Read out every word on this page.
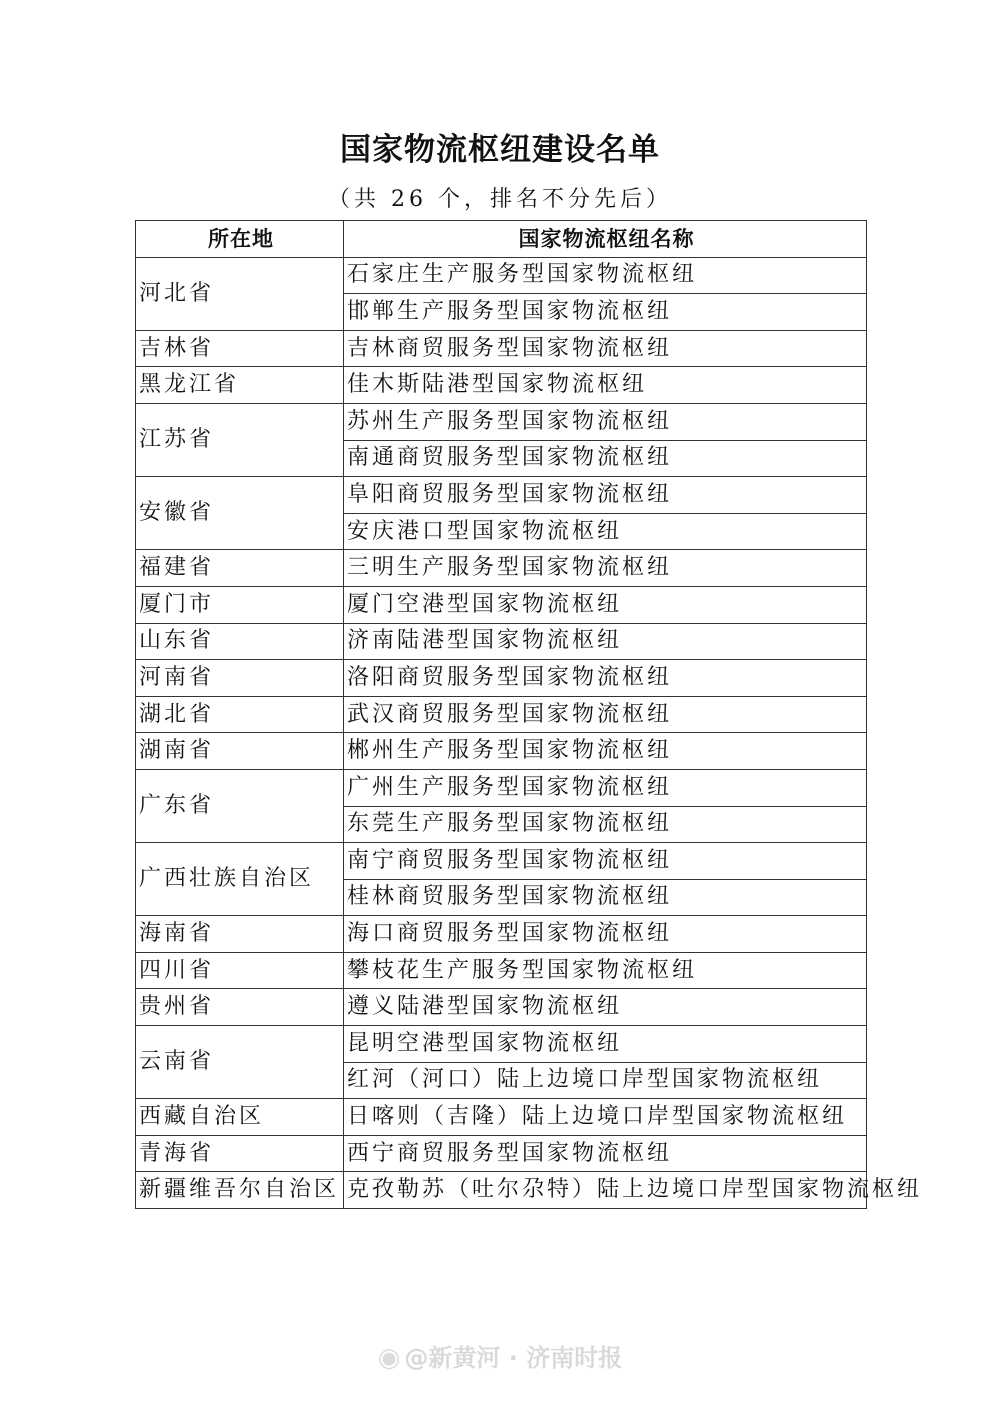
国家物流枢纽建设名单
（共 26 个，排名不分先后）
所在地	国家物流枢纽名称
河北省	石家庄生产服务型国家物流枢纽
	邯郸生产服务型国家物流枢纽
吉林省	吉林商贸服务型国家物流枢纽
黑龙江省	佳木斯陆港型国家物流枢纽
江苏省	苏州生产服务型国家物流枢纽
	南通商贸服务型国家物流枢纽
安徽省	阜阳商贸服务型国家物流枢纽
	安庆港口型国家物流枢纽
福建省	三明生产服务型国家物流枢纽
厦门市	厦门空港型国家物流枢纽
山东省	济南陆港型国家物流枢纽
河南省	洛阳商贸服务型国家物流枢纽
湖北省	武汉商贸服务型国家物流枢纽
湖南省	郴州生产服务型国家物流枢纽
广东省	广州生产服务型国家物流枢纽
	东莞生产服务型国家物流枢纽
广西壮族自治区	南宁商贸服务型国家物流枢纽
	桂林商贸服务型国家物流枢纽
海南省	海口商贸服务型国家物流枢纽
四川省	攀枝花生产服务型国家物流枢纽
贵州省	遵义陆港型国家物流枢纽
云南省	昆明空港型国家物流枢纽
	红河（河口）陆上边境口岸型国家物流枢纽
西藏自治区	日喀则（吉隆）陆上边境口岸型国家物流枢纽
青海省	西宁商贸服务型国家物流枢纽
新疆维吾尔自治区	克孜勒苏（吐尔尕特）陆上边境口岸型国家物流枢纽
◉ @新黄河 · 济南时报
